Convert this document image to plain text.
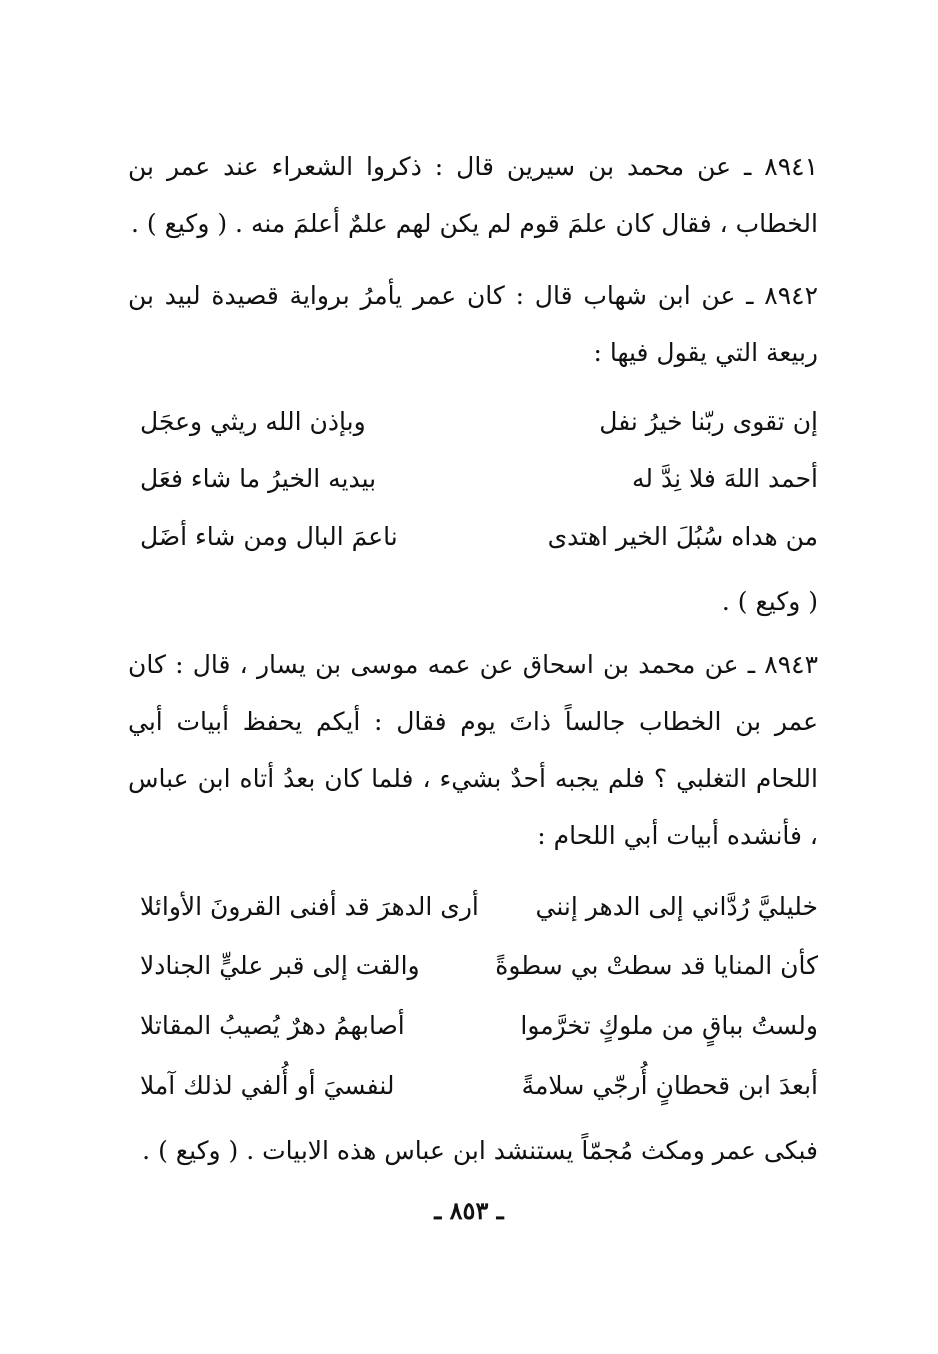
٨٩٤١ ـ عن محمد بن سيرين قال : ذكروا الشعراء عند عمر بن الخطاب ، فقال كان علمَ قوم لم يكن لهم علمٌ أعلمَ منه . ( وكيع ) .
٨٩٤٢ ـ عن ابن شهاب قال : كان عمر يأمرُ برواية قصيدة لبيد بن ربيعة التي يقول فيها :
إن تقوى ربّنا خيرُ نفل
وبإذن الله ريثي وعجَل
أحمد اللهَ فلا نِدَّ له
بيديه الخيرُ ما شاء فعَل
من هداه سُبُلَ الخير اهتدى
ناعمَ البال ومن شاء أضَل
( وكيع ) .
٨٩٤٣ ـ عن محمد بن اسحاق عن عمه موسى بن يسار ، قال : كان عمر بن الخطاب جالساً ذاتَ يوم فقال : أيكم يحفظ أبيات أبي اللحام التغلبي ؟ فلم يجبه أحدٌ بشيء ، فلما كان بعدُ أتاه ابن عباس ، فأنشده أبيات أبي اللحام :
خليليَّ رُدَّاني إلى الدهر إنني
أرى الدهرَ قد أفنى القرونَ الأوائلا
كأن المنايا قد سطتْ بي سطوةً
والقت إلى قبر عليٍّ الجنادلا
ولستُ بباقٍ من ملوكٍ تخرَّموا
أصابهمُ دهرٌ يُصيبُ المقاتلا
أبعدَ ابن قحطانٍ أُرجّي سلامةً
لنفسيَ أو أُلفي لذلك آملا
فبكى عمر ومكث مُجمّاً يستنشد ابن عباس هذه الابيات . ( وكيع ) .
ـ ٨٥٣ ـ
